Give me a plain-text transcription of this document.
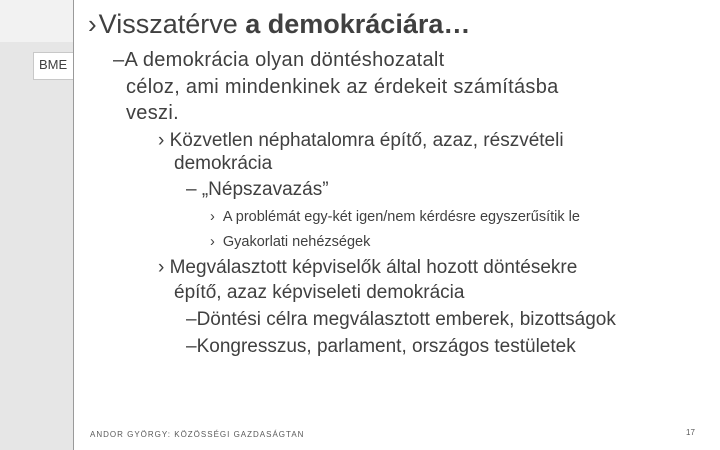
BME
›Visszatérve a demokráciára…
–A demokrácia olyan döntéshozatalt
céloz, ami mindenkinek az érdekeit számításba
veszi.
› Közvetlen néphatalomra építő, azaz, részvételi
demokrácia
– „Népszavazás”
› A problémát egy-két igen/nem kérdésre egyszerűsítik le
› Gyakorlati nehézségek
› Megválasztott képviselők által hozott döntésekre
építő, azaz képviseleti demokrácia
–Döntési célra megválasztott emberek, bizottságok
–Kongresszus, parlament, országos testületek
ANDOR GYÖRGY: KÖZÖSSÉGI GAZDASÁGTAN	17
